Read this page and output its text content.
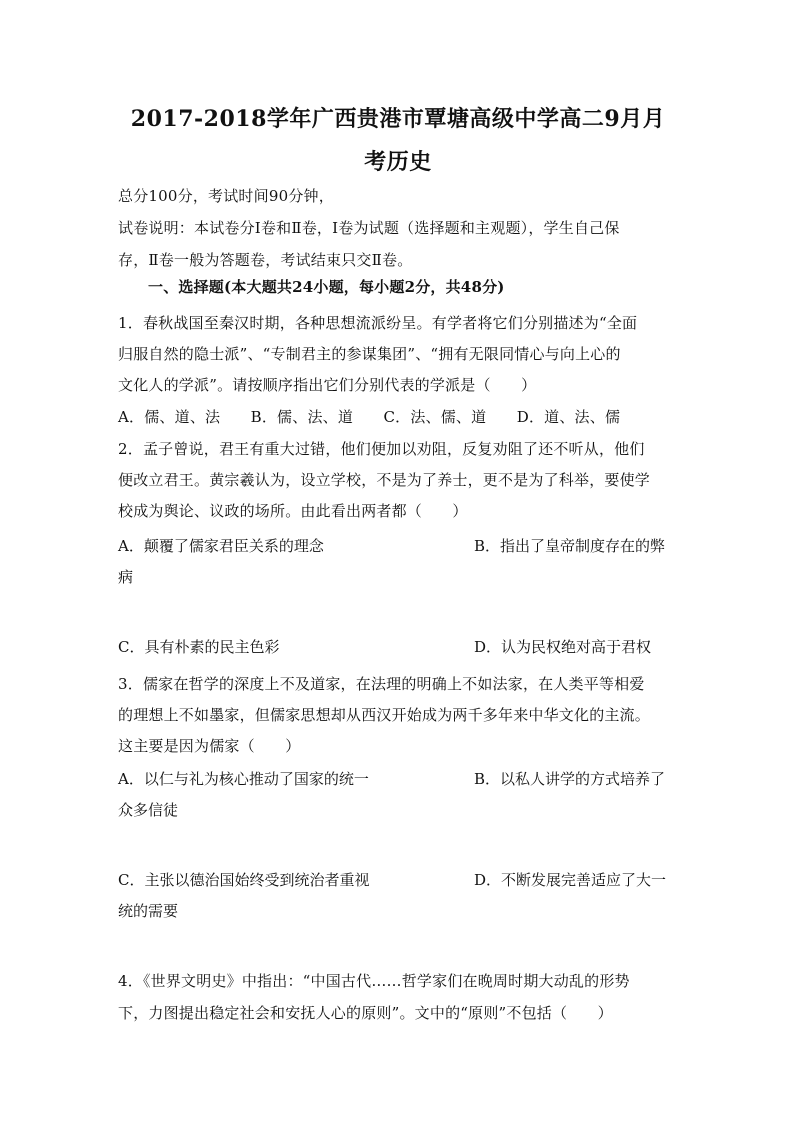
2017-2018学年广西贵港市覃塘高级中学高二9月月
考历史
总分100分，考试时间90分钟，
试卷说明：本试卷分Ⅰ卷和Ⅱ卷，Ⅰ卷为试题（选择题和主观题），学生自己保
存，Ⅱ卷一般为答题卷，考试结束只交Ⅱ卷。
一、选择题(本大题共24小题，每小题2分，共48分)
1．春秋战国至秦汉时期，各种思想流派纷呈。有学者将它们分别描述为“全面
归服自然的隐士派”、“专制君主的参谋集团”、“拥有无限同情心与向上心的
文化人的学派”。请按顺序指出它们分别代表的学派是（　　）
A．儒、道、法　　B．儒、法、道　　C．法、儒、道　　D．道、法、儒
2．孟子曾说，君王有重大过错，他们便加以劝阻，反复劝阻了还不听从，他们
便改立君王。黄宗羲认为，设立学校，不是为了养士，更不是为了科举，要使学
校成为舆论、议政的场所。由此看出两者都（　　）
A．颠覆了儒家君臣关系的理念	B．指出了皇帝制度存在的弊
病
C．具有朴素的民主色彩	D．认为民权绝对高于君权
3．儒家在哲学的深度上不及道家，在法理的明确上不如法家，在人类平等相爱
的理想上不如墨家，但儒家思想却从西汉开始成为两千多年来中华文化的主流。
这主要是因为儒家（　　）
A．以仁与礼为核心推动了国家的统一	B．以私人讲学的方式培养了
众多信徒
C．主张以德治国始终受到统治者重视	D．不断发展完善适应了大一
统的需要
4．《世界文明史》中指出：“中国古代……哲学家们在晚周时期大动乱的形势
下，力图提出稳定社会和安抚人心的原则”。文中的“原则”不包括（　　）
